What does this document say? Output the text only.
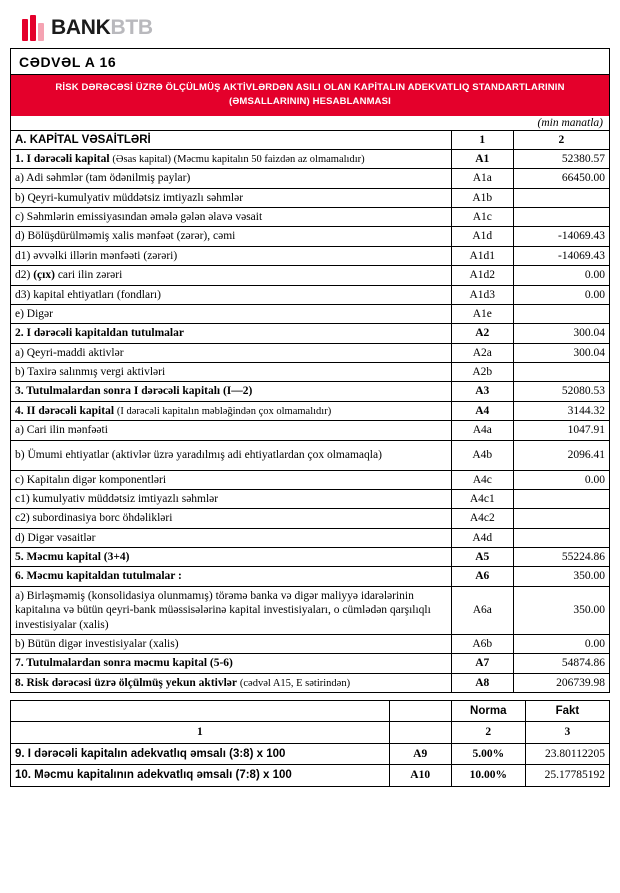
BANKBTB
CƏDVƏL A 16
RİSK DƏRƏCƏSİ ÜZRƏ ÖLÇÜLMÜŞ AKTİVLƏRDƏN ASILI OLAN KAPİTALIN ADEKVATLIQ STANDARTLARININ (ƏMSALLARININ) HESABLANMASI
(min manatla)
A. KAPİTAL VƏSAİTLƏRİ	1	2
1. I dərəcəli kapital (Əsas kapital) (Məcmu kapitalın 50 faizdən az olmamalıdır)	A1	52380.57
a) Adi səhmlər (tam ödənilmiş paylar)	A1a	66450.00
b) Qeyri-kumulyativ müddətsiz imtiyazlı səhmlər	A1b	
c) Səhmlərin emissiyasından əmələ gələn əlavə vəsait	A1c	
d) Bölüşdürülməmiş xalis mənfəət (zərər), cəmi	A1d	-14069.43
d1) əvvəlki illərin mənfəəti (zərəri)	A1d1	-14069.43
d2) (çıx) cari ilin zərəri	A1d2	0.00
d3) kapital ehtiyatları (fondları)	A1d3	0.00
e) Digər	A1e	
2. I dərəcəli kapitaldan tutulmalar	A2	300.04
a) Qeyri-maddi aktivlər	A2a	300.04
b) Taxirə salınmış vergi aktivləri	A2b	
3. Tutulmalardan sonra I dərəcəli kapitalı (I—2)	A3	52080.53
4. II dərəcəli kapital (I dərəcəli kapitalın məbləğindən çox olmamalıdır)	A4	3144.32
a) Cari ilin mənfəəti	A4a	1047.91
b) Ümumi ehtiyatlar (aktivlər üzrə yaradılmış adi ehtiyatlardan çox olmamaqla)	A4b	2096.41
c) Kapitalın digər komponentləri	A4c	0.00
c1) kumulyativ müddətsiz imtiyazlı səhmlər	A4c1	
c2) subordinasiya borc öhdəlikləri	A4c2	
d) Digər vəsaitlər	A4d	
5. Məcmu kapital (3+4)	A5	55224.86
6. Məcmu kapitaldan tutulmalar :	A6	350.00
a) Birləşməmiş (konsolidasiya olunmamış) törəmə banka və digər maliyyə idarələrinin kapitalına və bütün qeyri-bank müəssisələrinə kapital investisiyaları, o cümlədən qarşılıqlı investisiyalar (xalis)	A6a	350.00
b) Bütün digər investisiyalar (xalis)	A6b	0.00
7. Tutulmalardan sonra məcmu kapital (5-6)	A7	54874.86
8. Risk dərəcəsi üzrə ölçülmüş yekun aktivlər (cədvəl A15, E sətirindən)	A8	206739.98
		Norma	Fakt
1		2	3
9. I dərəcəli kapitalın adekvatlıq əmsalı (3:8) x 100	A9	5.00%	23.80112205
10. Məcmu kapitalının adekvatlıq əmsalı (7:8) x 100	A10	10.00%	25.17785192
